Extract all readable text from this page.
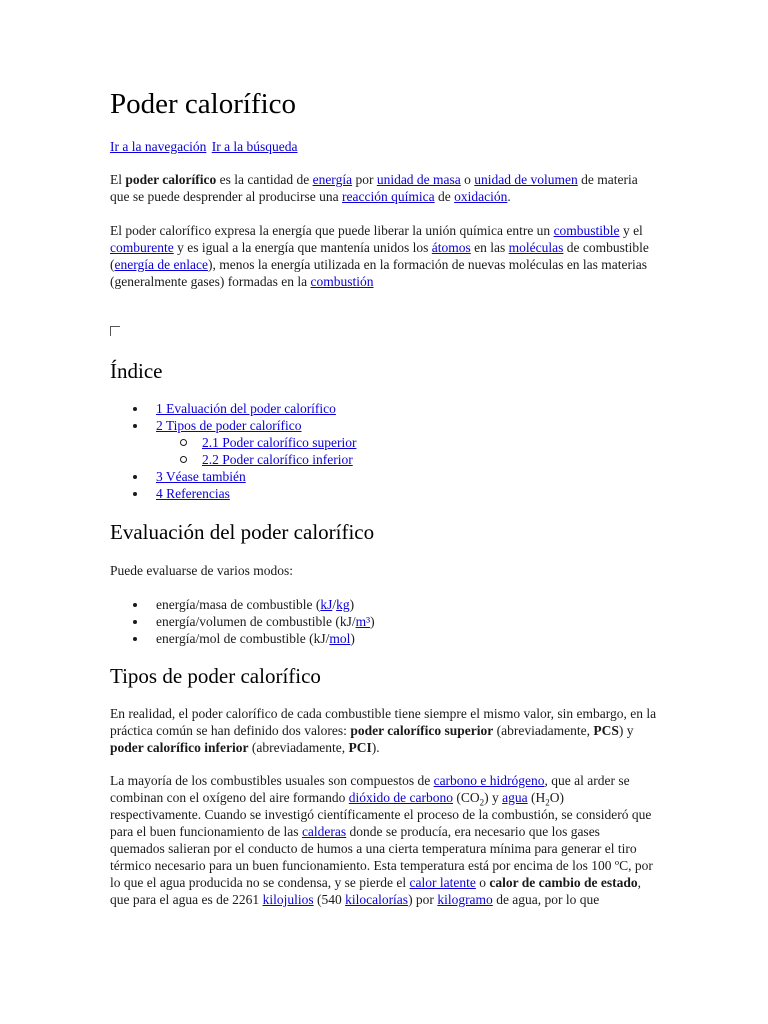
Poder calorífico
Ir a la navegación Ir a la búsqueda

El poder calorífico es la cantidad de energía por unidad de masa o unidad de volumen de materia que se puede desprender al producirse una reacción química de oxidación.

El poder calorífico expresa la energía que puede liberar la unión química entre un combustible y el comburente y es igual a la energía que mantenía unidos los átomos en las moléculas de combustible (energía de enlace), menos la energía utilizada en la formación de nuevas moléculas en las materias (generalmente gases) formadas en la combustión

Índice
1 Evaluación del poder calorífico
2 Tipos de poder calorífico
2.1 Poder calorífico superior
2.2 Poder calorífico inferior
3 Véase también
4 Referencias
Evaluación del poder calorífico

Puede evaluarse de varios modos:

energía/masa de combustible (kJ/kg)
energía/volumen de combustible (kJ/m³)
energía/mol de combustible (kJ/mol)
Tipos de poder calorífico

En realidad, el poder calorífico de cada combustible tiene siempre el mismo valor, sin embargo, en la práctica común se han definido dos valores: poder calorífico superior (abreviadamente, PCS) y poder calorífico inferior (abreviadamente, PCI).

La mayoría de los combustibles usuales son compuestos de carbono e hidrógeno, que al arder se combinan con el oxígeno del aire formando dióxido de carbono $(CO_2)$ y agua $(H_2O)$ respectivamente. Cuando se investigó científicamente el proceso de la combustión, se consideró que para el buen funcionamiento de las calderas donde se producía, era necesario que los gases quemados salieran por el conducto de humos a una cierta temperatura mínima para generar el tiro térmico necesario para un buen funcionamiento. Esta temperatura está por encima de los 100 ºC, por lo que el agua producida no se condensa, y se pierde el calor latente o calor de cambio de estado, que para el agua es de 2261 kilojulios (540 kilocalorías) por kilogramo de agua, por lo que
